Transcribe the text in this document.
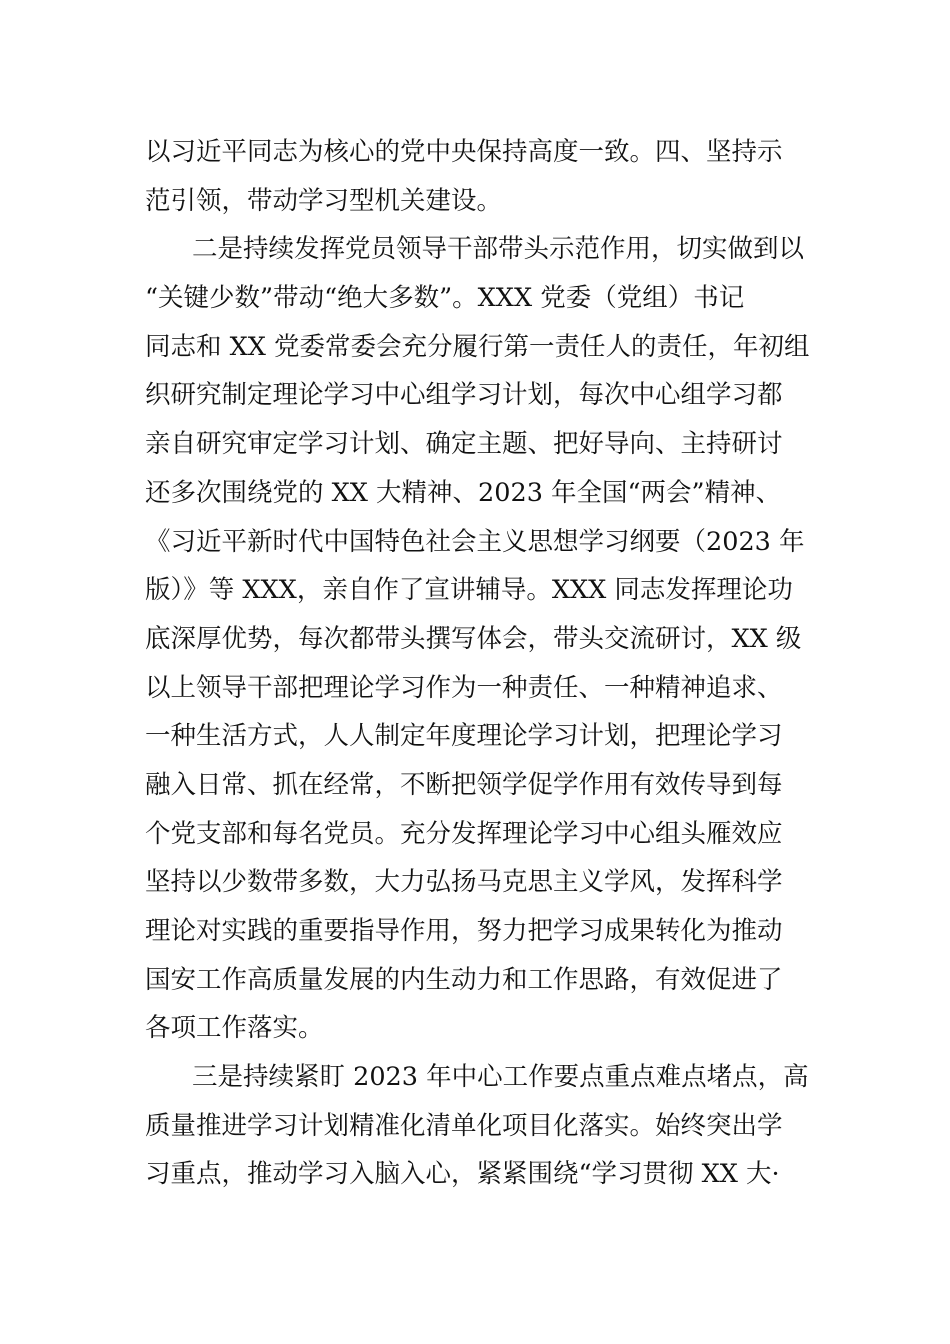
以习近平同志为核心的党中央保持高度一致。四、坚持示
范引领，带动学习型机关建设。
二是持续发挥党员领导干部带头示范作用，切实做到以
“关键少数”带动“绝大多数”。XXX 党委（党组）书记
同志和 XX 党委常委会充分履行第一责任人的责任，年初组
织研究制定理论学习中心组学习计划，每次中心组学习都
亲自研究审定学习计划、确定主题、把好导向、主持研讨
还多次围绕党的 XX 大精神、2023 年全国“两会”精神、
《习近平新时代中国特色社会主义思想学习纲要（2023 年
版）》等 XXX，亲自作了宣讲辅导。XXX 同志发挥理论功
底深厚优势，每次都带头撰写体会，带头交流研讨，XX 级
以上领导干部把理论学习作为一种责任、一种精神追求、
一种生活方式，人人制定年度理论学习计划，把理论学习
融入日常、抓在经常，不断把领学促学作用有效传导到每
个党支部和每名党员。充分发挥理论学习中心组头雁效应
坚持以少数带多数，大力弘扬马克思主义学风，发挥科学
理论对实践的重要指导作用，努力把学习成果转化为推动
国安工作高质量发展的内生动力和工作思路，有效促进了
各项工作落实。
三是持续紧盯 2023 年中心工作要点重点难点堵点，高
质量推进学习计划精准化清单化项目化落实。始终突出学
习重点，推动学习入脑入心，紧紧围绕“学习贯彻 XX 大·
